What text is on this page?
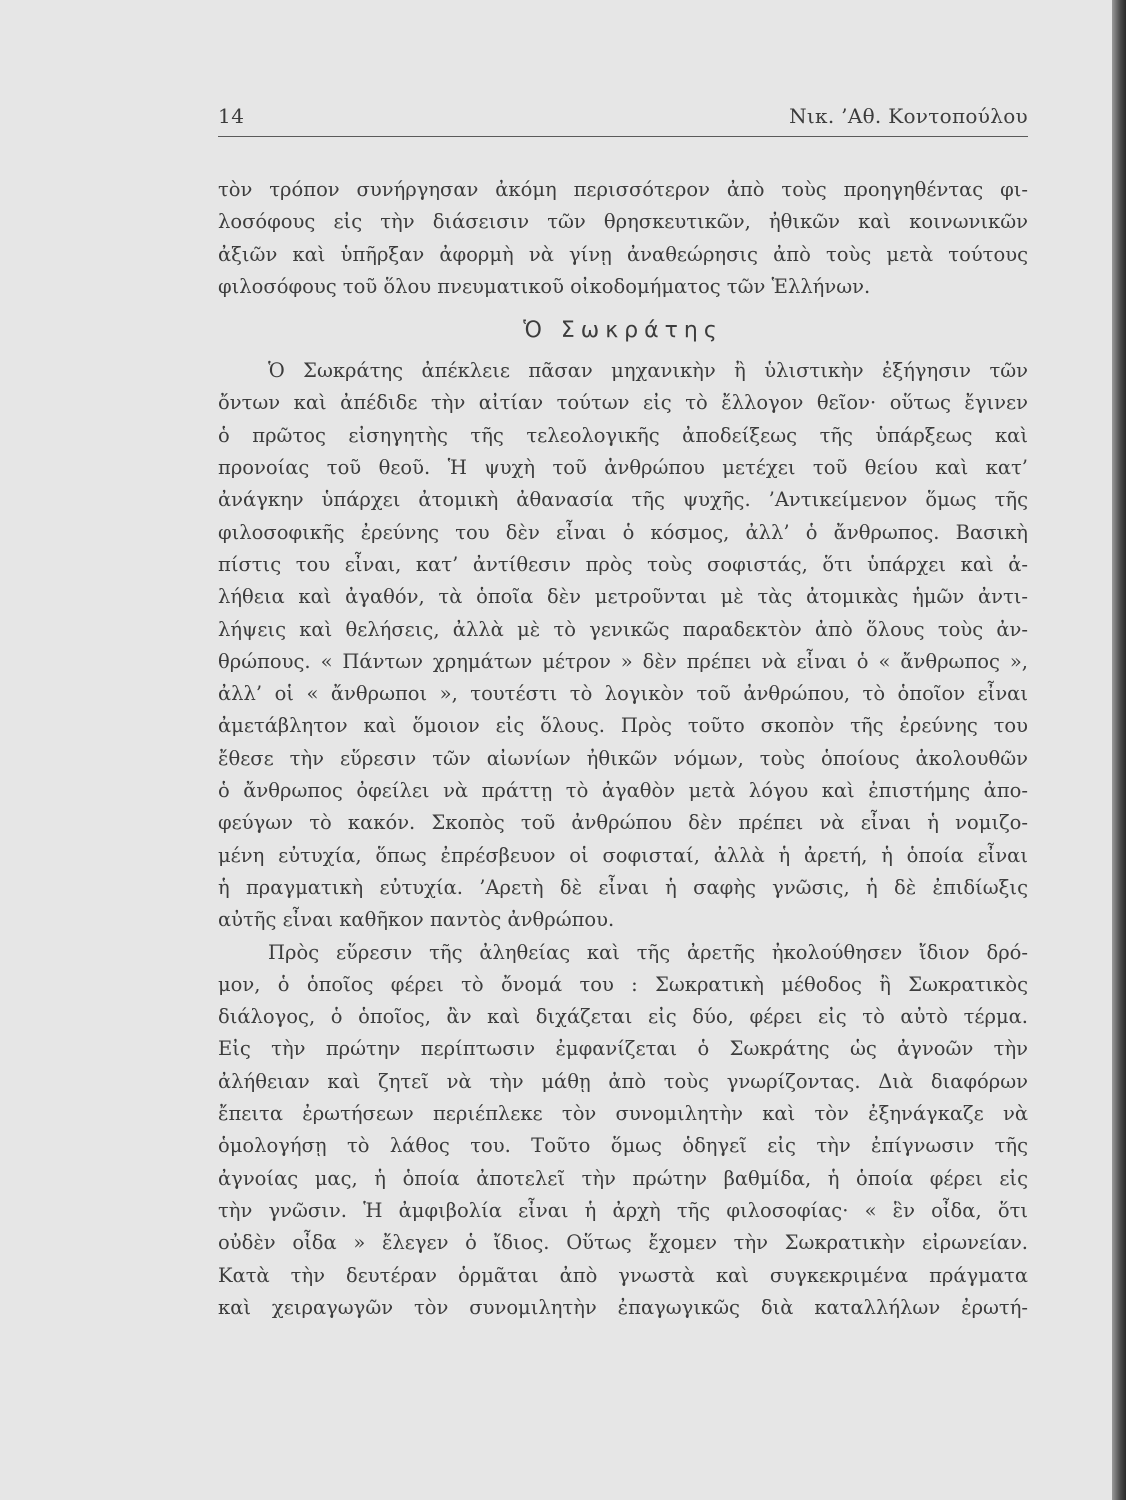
14	Νικ. ’Αθ. Κοντοπούλου
τὸν τρόπον συνήργησαν ἀκόμη περισσότερον ἀπὸ τοὺς προηγηθέντας φι-
λοσόφους εἰς τὴν διάσεισιν τῶν θρησκευτικῶν, ἠθικῶν καὶ κοινωνικῶν
ἀξιῶν καὶ ὑπῆρξαν ἀφορμὴ νὰ γίνῃ ἀναθεώρησις ἀπὸ τοὺς μετὰ τούτους
φιλοσόφους τοῦ ὅλου πνευματικοῦ οἰκοδομήματος τῶν Ἑλλήνων.
Ὁ Σωκράτης
Ὁ Σωκράτης ἀπέκλειε πᾶσαν μηχανικὴν ἢ ὑλιστικὴν ἐξήγησιν τῶν
ὄντων καὶ ἀπέδιδε τὴν αἰτίαν τούτων εἰς τὸ ἔλλογον θεῖον· οὕτως ἔγινεν
ὁ πρῶτος εἰσηγητὴς τῆς τελεολογικῆς ἀποδείξεως τῆς ὑπάρξεως καὶ
προνοίας τοῦ θεοῦ. Ἡ ψυχὴ τοῦ ἀνθρώπου μετέχει τοῦ θείου καὶ κατ’
ἀνάγκην ὑπάρχει ἀτομικὴ ἀθανασία τῆς ψυχῆς. ’Αντικείμενον ὅμως τῆς
φιλοσοφικῆς ἐρεύνης του δὲν εἶναι ὁ κόσμος, ἀλλ’ ὁ ἄνθρωπος. Βασικὴ
πίστις του εἶναι, κατ’ ἀντίθεσιν πρὸς τοὺς σοφιστάς, ὅτι ὑπάρχει καὶ ἀ-
λήθεια καὶ ἀγαθόν, τὰ ὁποῖα δὲν μετροῦνται μὲ τὰς ἀτομικὰς ἡμῶν ἀντι-
λήψεις καὶ θελήσεις, ἀλλὰ μὲ τὸ γενικῶς παραδεκτὸν ἀπὸ ὅλους τοὺς ἀν-
θρώπους. « Πάντων χρημάτων μέτρον » δὲν πρέπει νὰ εἶναι ὁ « ἄνθρωπος »,
ἀλλ’ οἱ « ἄνθρωποι », τουτέστι τὸ λογικὸν τοῦ ἀνθρώπου, τὸ ὁποῖον εἶναι
ἀμετάβλητον καὶ ὅμοιον εἰς ὅλους. Πρὸς τοῦτο σκοπὸν τῆς ἐρεύνης του
ἔθεσε τὴν εὕρεσιν τῶν αἰωνίων ἠθικῶν νόμων, τοὺς ὁποίους ἀκολουθῶν
ὁ ἄνθρωπος ὀφείλει νὰ πράττῃ τὸ ἀγαθὸν μετὰ λόγου καὶ ἐπιστήμης ἀπο-
φεύγων τὸ κακόν. Σκοπὸς τοῦ ἀνθρώπου δὲν πρέπει νὰ εἶναι ἡ νομιζο-
μένη εὐτυχία, ὅπως ἐπρέσβευον οἱ σοφισταί, ἀλλὰ ἡ ἀρετή, ἡ ὁποία εἶναι
ἡ πραγματικὴ εὐτυχία. ’Αρετὴ δὲ εἶναι ἡ σαφὴς γνῶσις, ἡ δὲ ἐπιδίωξις
αὐτῆς εἶναι καθῆκον παντὸς ἀνθρώπου.
Πρὸς εὕρεσιν τῆς ἀληθείας καὶ τῆς ἀρετῆς ἠκολούθησεν ἴδιον δρό-
μον, ὁ ὁποῖος φέρει τὸ ὄνομά του : Σωκρατικὴ μέθοδος ἢ Σωκρατικὸς
διάλογος, ὁ ὁποῖος, ἂν καὶ διχάζεται εἰς δύο, φέρει εἰς τὸ αὐτὸ τέρμα.
Εἰς τὴν πρώτην περίπτωσιν ἐμφανίζεται ὁ Σωκράτης ὡς ἀγνοῶν τὴν
ἀλήθειαν καὶ ζητεῖ νὰ τὴν μάθῃ ἀπὸ τοὺς γνωρίζοντας. Διὰ διαφόρων
ἔπειτα ἐρωτήσεων περιέπλεκε τὸν συνομιλητὴν καὶ τὸν ἐξηνάγκαζε νὰ
ὁμολογήσῃ τὸ λάθος του. Τοῦτο ὅμως ὁδηγεῖ εἰς τὴν ἐπίγνωσιν τῆς
ἀγνοίας μας, ἡ ὁποία ἀποτελεῖ τὴν πρώτην βαθμίδα, ἡ ὁποία φέρει εἰς
τὴν γνῶσιν. Ἡ ἀμφιβολία εἶναι ἡ ἀρχὴ τῆς φιλοσοφίας· « ἓν οἶδα, ὅτι
οὐδὲν οἶδα » ἔλεγεν ὁ ἴδιος. Οὕτως ἔχομεν τὴν Σωκρατικὴν εἰρωνείαν.
Κατὰ τὴν δευτέραν ὁρμᾶται ἀπὸ γνωστὰ καὶ συγκεκριμένα πράγματα
καὶ χειραγωγῶν τὸν συνομιλητὴν ἐπαγωγικῶς διὰ καταλλήλων ἐρωτή-
